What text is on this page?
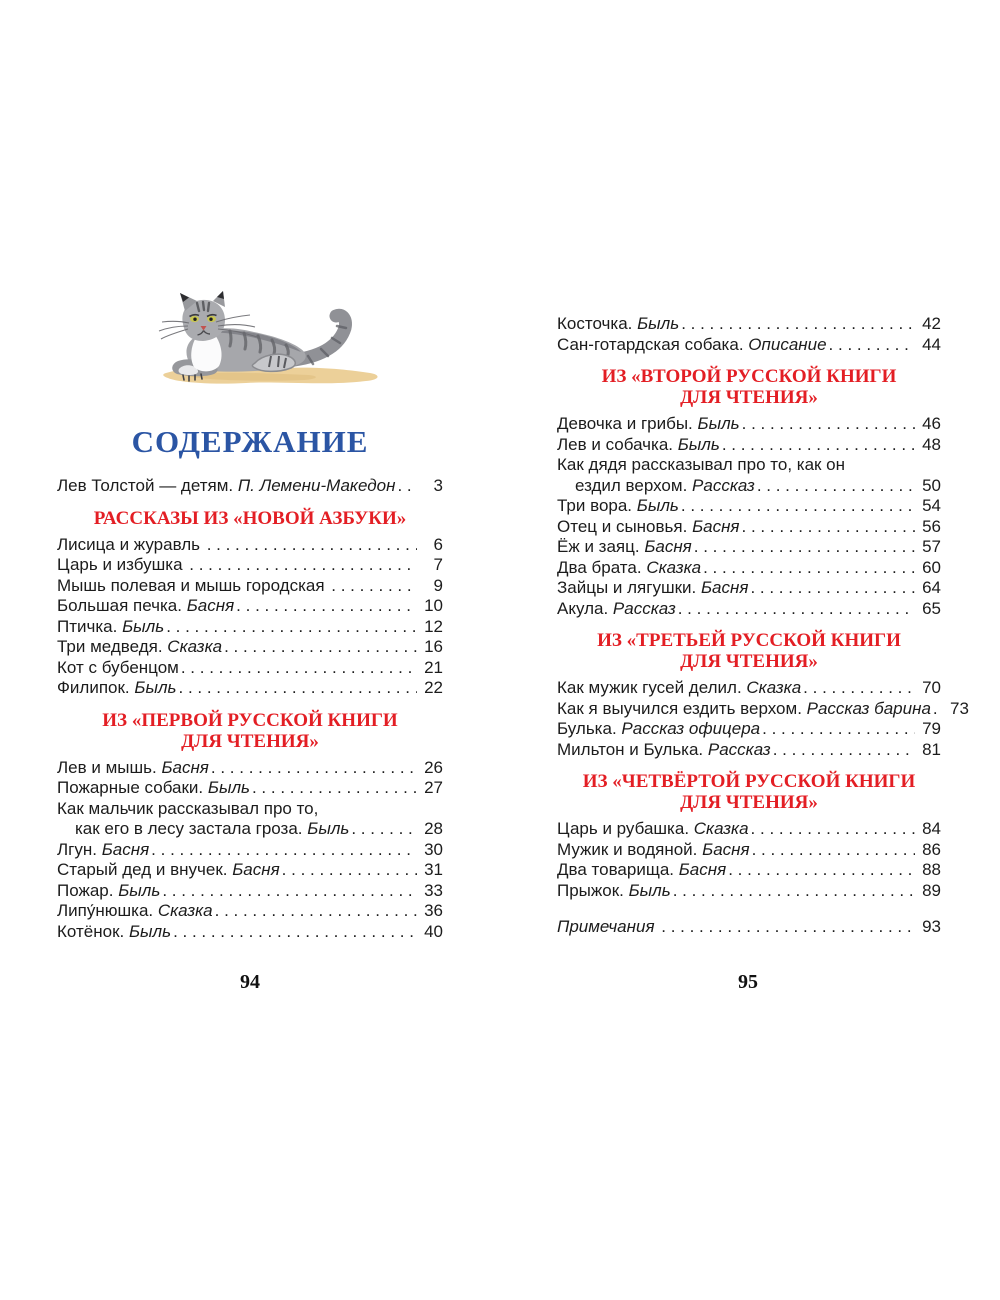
СОДЕРЖАНИЕ
Лев Толстой — детям. П. Лемени-Македон . . .	3
РАССКАЗЫ ИЗ «НОВОЙ АЗБУКИ»
Лисица и журавль . . .	6
Царь и избушка . . .	7
Мышь полевая и мышь городская . . .	9
Большая печка. Басня . . .	10
Птичка. Быль . . .	12
Три медведя. Сказка . . .	16
Кот с бубенцом . . .	21
Филипок. Быль . . .	22
ИЗ «ПЕРВОЙ РУССКОЙ КНИГИ
ДЛЯ ЧТЕНИЯ»
Лев и мышь. Басня . . .	26
Пожарные собаки. Быль . . .	27
Как мальчик рассказывал про то,
как его в лесу застала гроза. Быль . . .	28
Лгун. Басня . . .	30
Старый дед и внучек. Басня . . .	31
Пожар. Быль . . .	33
Липу́нюшка. Сказка . . .	36
Котёнок. Быль . . .	40
Косточка. Быль . . .	42
Сан-готардская собака. Описание . . .	44
ИЗ «ВТОРОЙ РУССКОЙ КНИГИ
ДЛЯ ЧТЕНИЯ»
Девочка и грибы. Быль . . .	46
Лев и собачка. Быль . . .	48
Как дядя рассказывал про то, как он
ездил верхом. Рассказ . . .	50
Три вора. Быль . . .	54
Отец и сыновья. Басня . . .	56
Ёж и заяц. Басня . . .	57
Два брата. Сказка . . .	60
Зайцы и лягушки. Басня . . .	64
Акула. Рассказ . . .	65
ИЗ «ТРЕТЬЕЙ РУССКОЙ КНИГИ
ДЛЯ ЧТЕНИЯ»
Как мужик гусей делил. Сказка . . .	70
Как я выучился ездить верхом. Рассказ барина . . . 73
Булька. Рассказ офицера . . .	79
Мильтон и Булька. Рассказ . . .	81
ИЗ «ЧЕТВЁРТОЙ РУССКОЙ КНИГИ
ДЛЯ ЧТЕНИЯ»
Царь и рубашка. Сказка . . .	84
Мужик и водяной. Басня . . .	86
Два товарища. Басня . . .	88
Прыжок. Быль . . .	89
Примечания . . .	93
94	95
